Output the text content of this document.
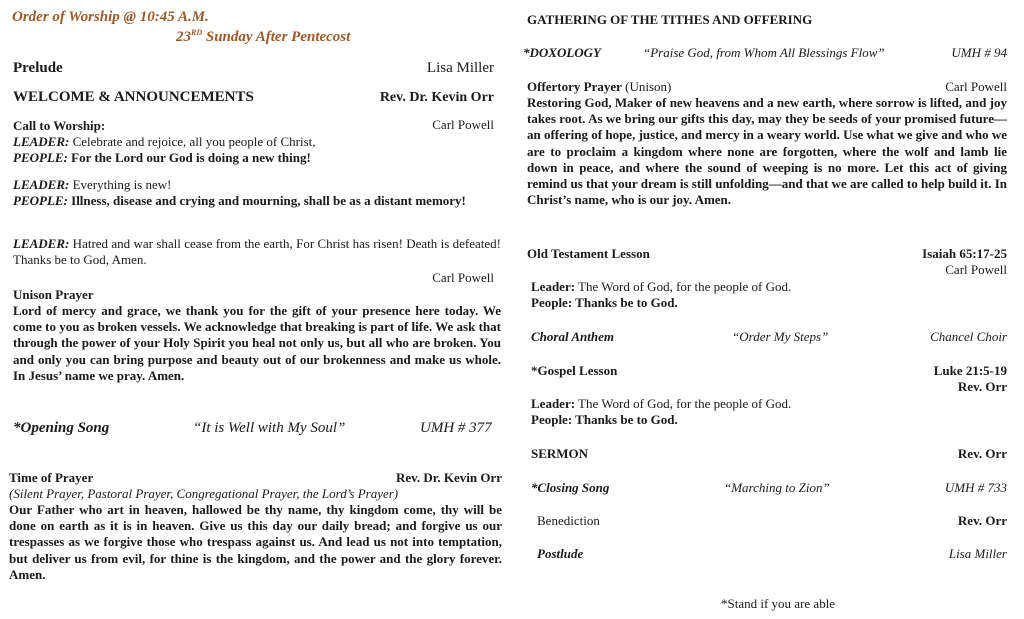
Order of Worship @ 10:45 A.M.
23RD Sunday After Pentecost
Prelude	Lisa Miller
WELCOME & ANNOUNCEMENTS	Rev. Dr. Kevin Orr
Call to Worship:	Carl Powell
LEADER: Celebrate and rejoice, all you people of Christ,
PEOPLE: For the Lord our God is doing a new thing!
LEADER: Everything is new!
PEOPLE: Illness, disease and crying and mourning, shall be as a distant memory!
LEADER: Hatred and war shall cease from the earth, For Christ has risen! Death is defeated! Thanks be to God, Amen.
Carl Powell
Unison Prayer
Lord of mercy and grace, we thank you for the gift of your presence here today. We come to you as broken vessels. We acknowledge that breaking is part of life. We ask that through the power of your Holy Spirit you heal not only us, but all who are broken. You and only you can bring purpose and beauty out of our brokenness and make us whole. In Jesus’ name we pray. Amen.
*Opening Song	“It is Well with My Soul”	UMH # 377
Time of Prayer	Rev. Dr. Kevin Orr
(Silent Prayer, Pastoral Prayer, Congregational Prayer, the Lord’s Prayer)
Our Father who art in heaven, hallowed be thy name, thy kingdom come, thy will be done on earth as it is in heaven. Give us this day our daily bread; and forgive us our trespasses as we forgive those who trespass against us. And lead us not into temptation, but deliver us from evil, for thine is the kingdom, and the power and the glory forever. Amen.
GATHERING OF THE TITHES AND OFFERING
*DOXOLOGY	“Praise God, from Whom All Blessings Flow”	UMH # 94
Offertory Prayer (Unison)	Carl Powell
Restoring God, Maker of new heavens and a new earth, where sorrow is lifted, and joy takes root. As we bring our gifts this day, may they be seeds of your promised future—an offering of hope, justice, and mercy in a weary world. Use what we give and who we are to proclaim a kingdom where none are forgotten, where the wolf and lamb lie down in peace, and where the sound of weeping is no more. Let this act of giving remind us that your dream is still unfolding—and that we are called to help build it. In Christ’s name, who is our joy. Amen.
Old Testament Lesson	Isaiah 65:17-25
Carl Powell
Leader: The Word of God, for the people of God.
People: Thanks be to God.
Choral Anthem	“Order My Steps”	Chancel Choir
*Gospel Lesson	Luke 21:5-19
Rev. Orr
Leader: The Word of God, for the people of God.
People: Thanks be to God.
SERMON	Rev. Orr
*Closing Song	“Marching to Zion”	UMH # 733
Benediction	Rev. Orr
Postlude	Lisa Miller
*Stand if you are able
